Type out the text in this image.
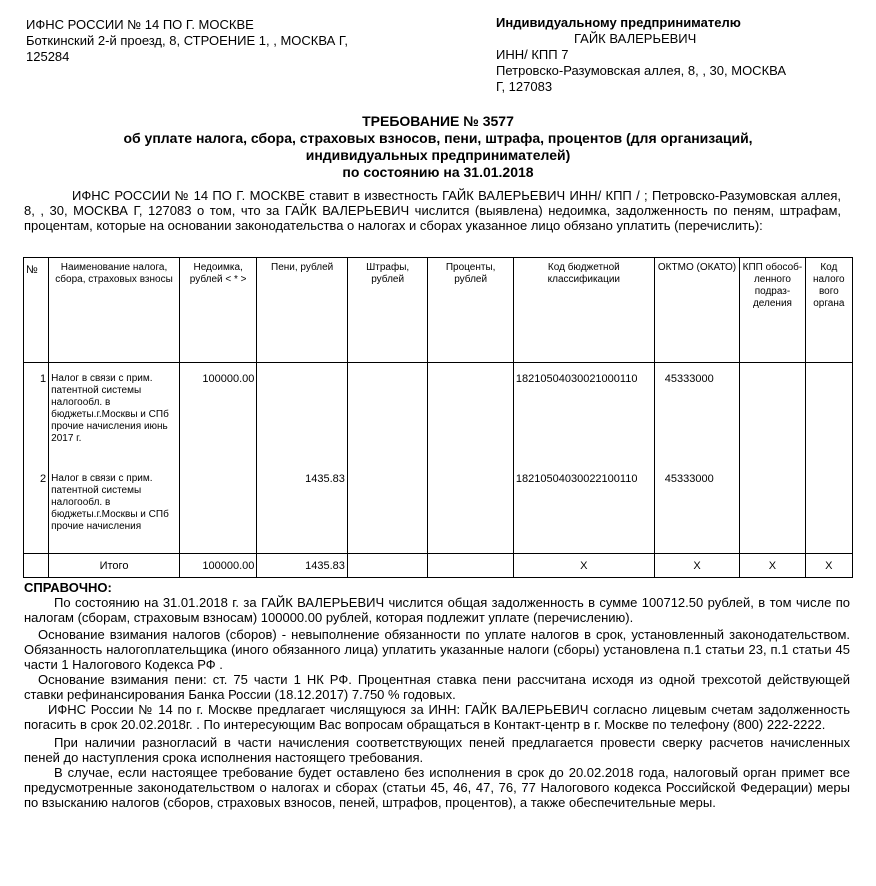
ИФНС РОССИИ № 14 ПО Г. МОСКВЕ
Боткинский 2-й проезд, 8, СТРОЕНИЕ 1, , МОСКВА Г,
125284
Индивидуальному предпринимателю
ГАЙК ВАЛЕРЬЕВИЧ
ИНН/ КПП 7
Петровско-Разумовская аллея, 8, , 30, МОСКВА
Г, 127083
ТРЕБОВАНИЕ № 3577
об уплате налога, сбора, страховых взносов, пени, штрафа, процентов (для организаций,
индивидуальных предпринимателей)
по состоянию на 31.01.2018
ИФНС РОССИИ № 14 ПО Г. МОСКВЕ ставит в известность ГАЙК ВАЛЕРЬЕВИЧ ИНН/ КПП / ; Петровско-Разумовская аллея, 8, , 30, МОСКВА Г, 127083 о том, что за ГАЙК ВАЛЕРЬЕВИЧ числится (выявлена) недоимка, задолженность по пеням, штрафам, процентам, которые на основании законодательства о налогах и сборах указанное лицо обязано уплатить (перечислить):
№	Наименование налога, сбора, страховых взносы	Недоимка, рублей < * >	Пени, рублей	Штрафы, рублей	Проценты, рублей	Код бюджетной классификации	ОКТМО (ОКАТО)	КПП обособ-ленного подраз-деления	Код налого вого органа
1	Налог в связи с прим. патентной системы налогообл. в бюджеты.г.Москвы и СПб прочие начисления июнь 2017 г.	100000.00				18210504030021000110	45333000		
2	Налог в связи с прим. патентной системы налогообл. в бюджеты.г.Москвы и СПб прочие начисления		1435.83			18210504030022100110	45333000		
	Итого	100000.00	1435.83			Х	Х	Х	Х
СПРАВОЧНО:

По состоянию на 31.01.2018 г. за ГАЙК ВАЛЕРЬЕВИЧ числится общая задолженность в сумме 100712.50 рублей, в том числе по налогам (сборам, страховым взносам) 100000.00 рублей, которая подлежит уплате (перечислению).

Основание взимания налогов (сборов) - невыполнение обязанности по уплате налогов в срок, установленный законодательством. Обязанность налогоплательщика (иного обязанного лица) уплатить указанные налоги (сборы) установлена п.1 статьи 23, п.1 статьи 45 части 1 Налогового Кодекса РФ .

Основание взимания пени: ст. 75 части 1 НК РФ. Процентная ставка пени рассчитана исходя из одной трехсотой действующей ставки рефинансирования Банка России (18.12.2017) 7.750 % годовых.

ИФНС России № 14 по г. Москве предлагает числящуюся за ИНН: ГАЙК ВАЛЕРЬЕВИЧ согласно лицевым счетам задолженность погасить в срок 20.02.2018г. . По интересующим Вас вопросам обращаться в Контакт-центр в г. Москве по телефону (800) 222-2222.

При наличии разногласий в части начисления соответствующих пеней предлагается провести сверку расчетов начисленных пеней до наступления срока исполнения настоящего требования.

В случае, если настоящее требование будет оставлено без исполнения в срок до 20.02.2018 года, налоговый орган примет все предусмотренные законодательством о налогах и сборах (статьи 45, 46, 47, 76, 77 Налогового кодекса Российской Федерации) меры по взысканию налогов (сборов, страховых взносов, пеней, штрафов, процентов), а также обеспечительные меры.
